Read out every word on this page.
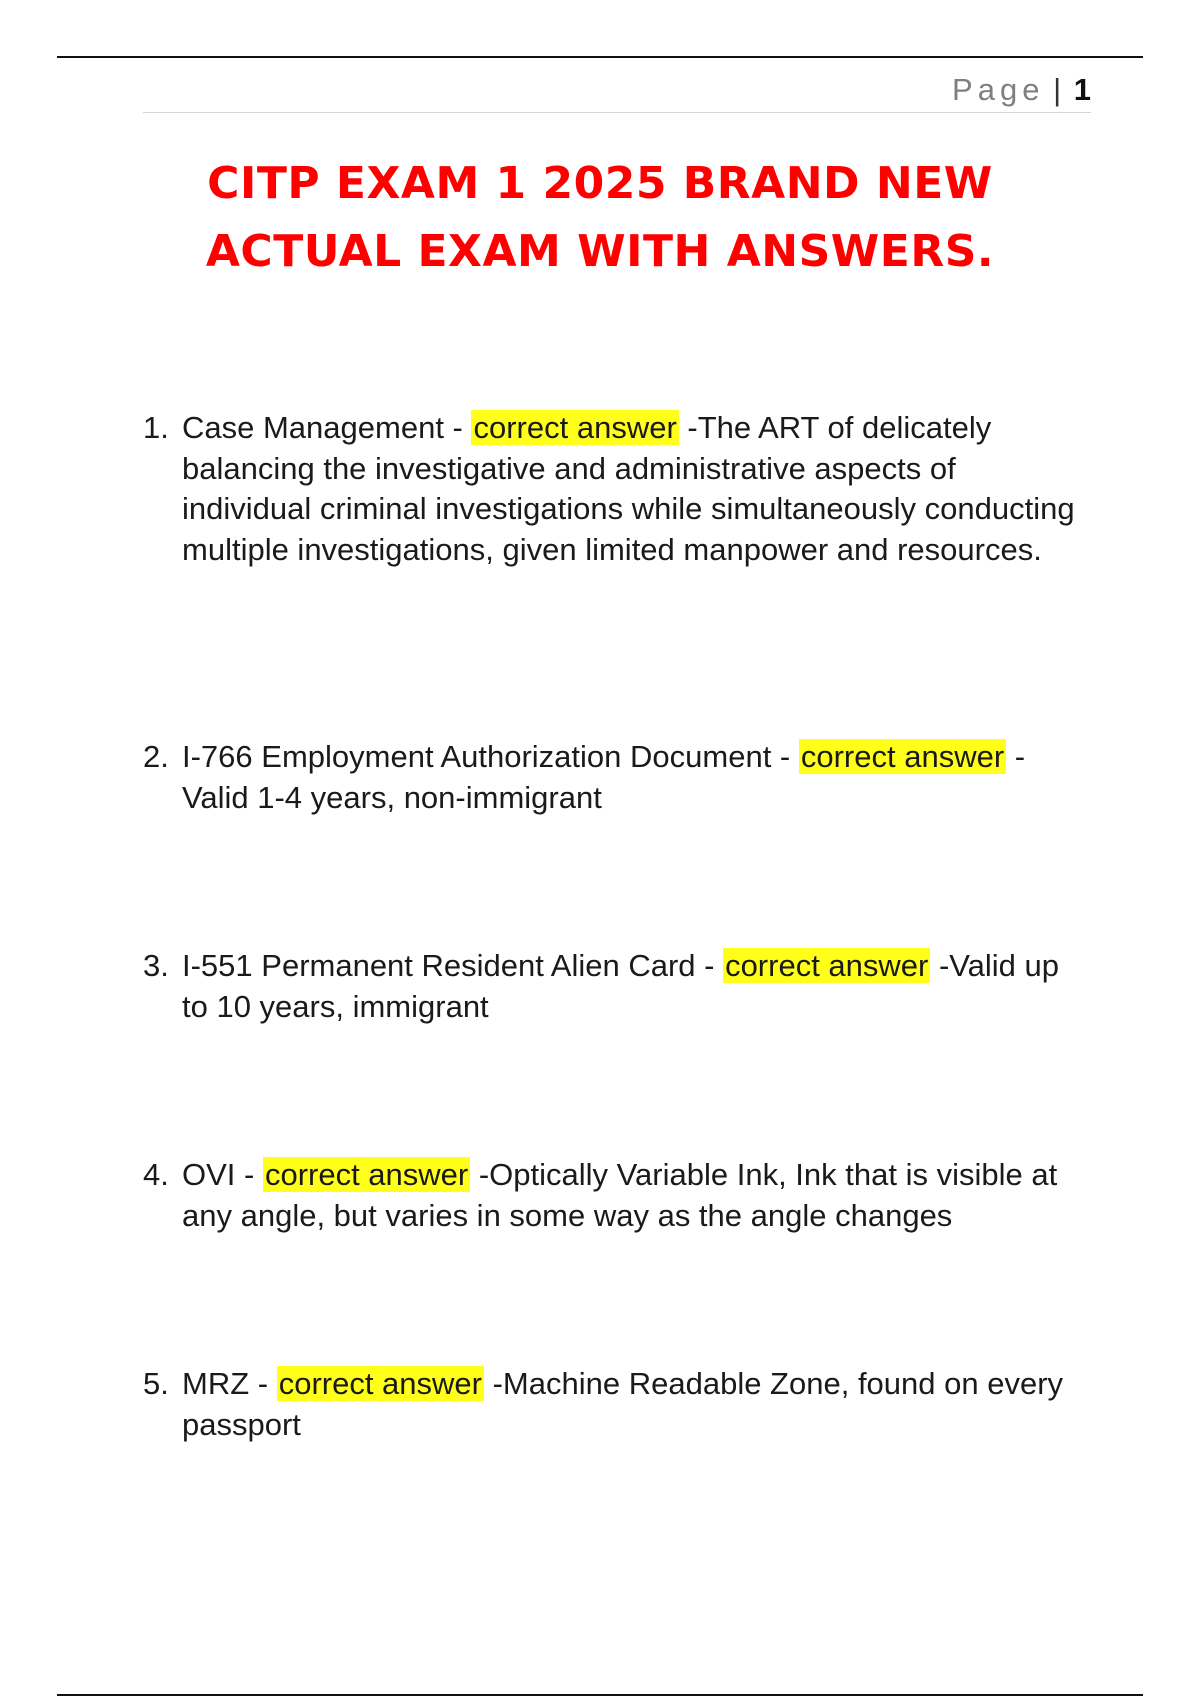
Page | 1
CITP EXAM 1 2025 BRAND NEW
ACTUAL EXAM WITH ANSWERS.
1. Case Management - correct answer -The ART of delicately balancing the investigative and administrative aspects of individual criminal investigations while simultaneously conducting multiple investigations, given limited manpower and resources.
2. I-766 Employment Authorization Document - correct answer - Valid 1-4 years, non-immigrant
3. I-551 Permanent Resident Alien Card - correct answer -Valid up to 10 years, immigrant
4. OVI - correct answer -Optically Variable Ink, Ink that is visible at any angle, but varies in some way as the angle changes
5. MRZ - correct answer -Machine Readable Zone, found on every passport
